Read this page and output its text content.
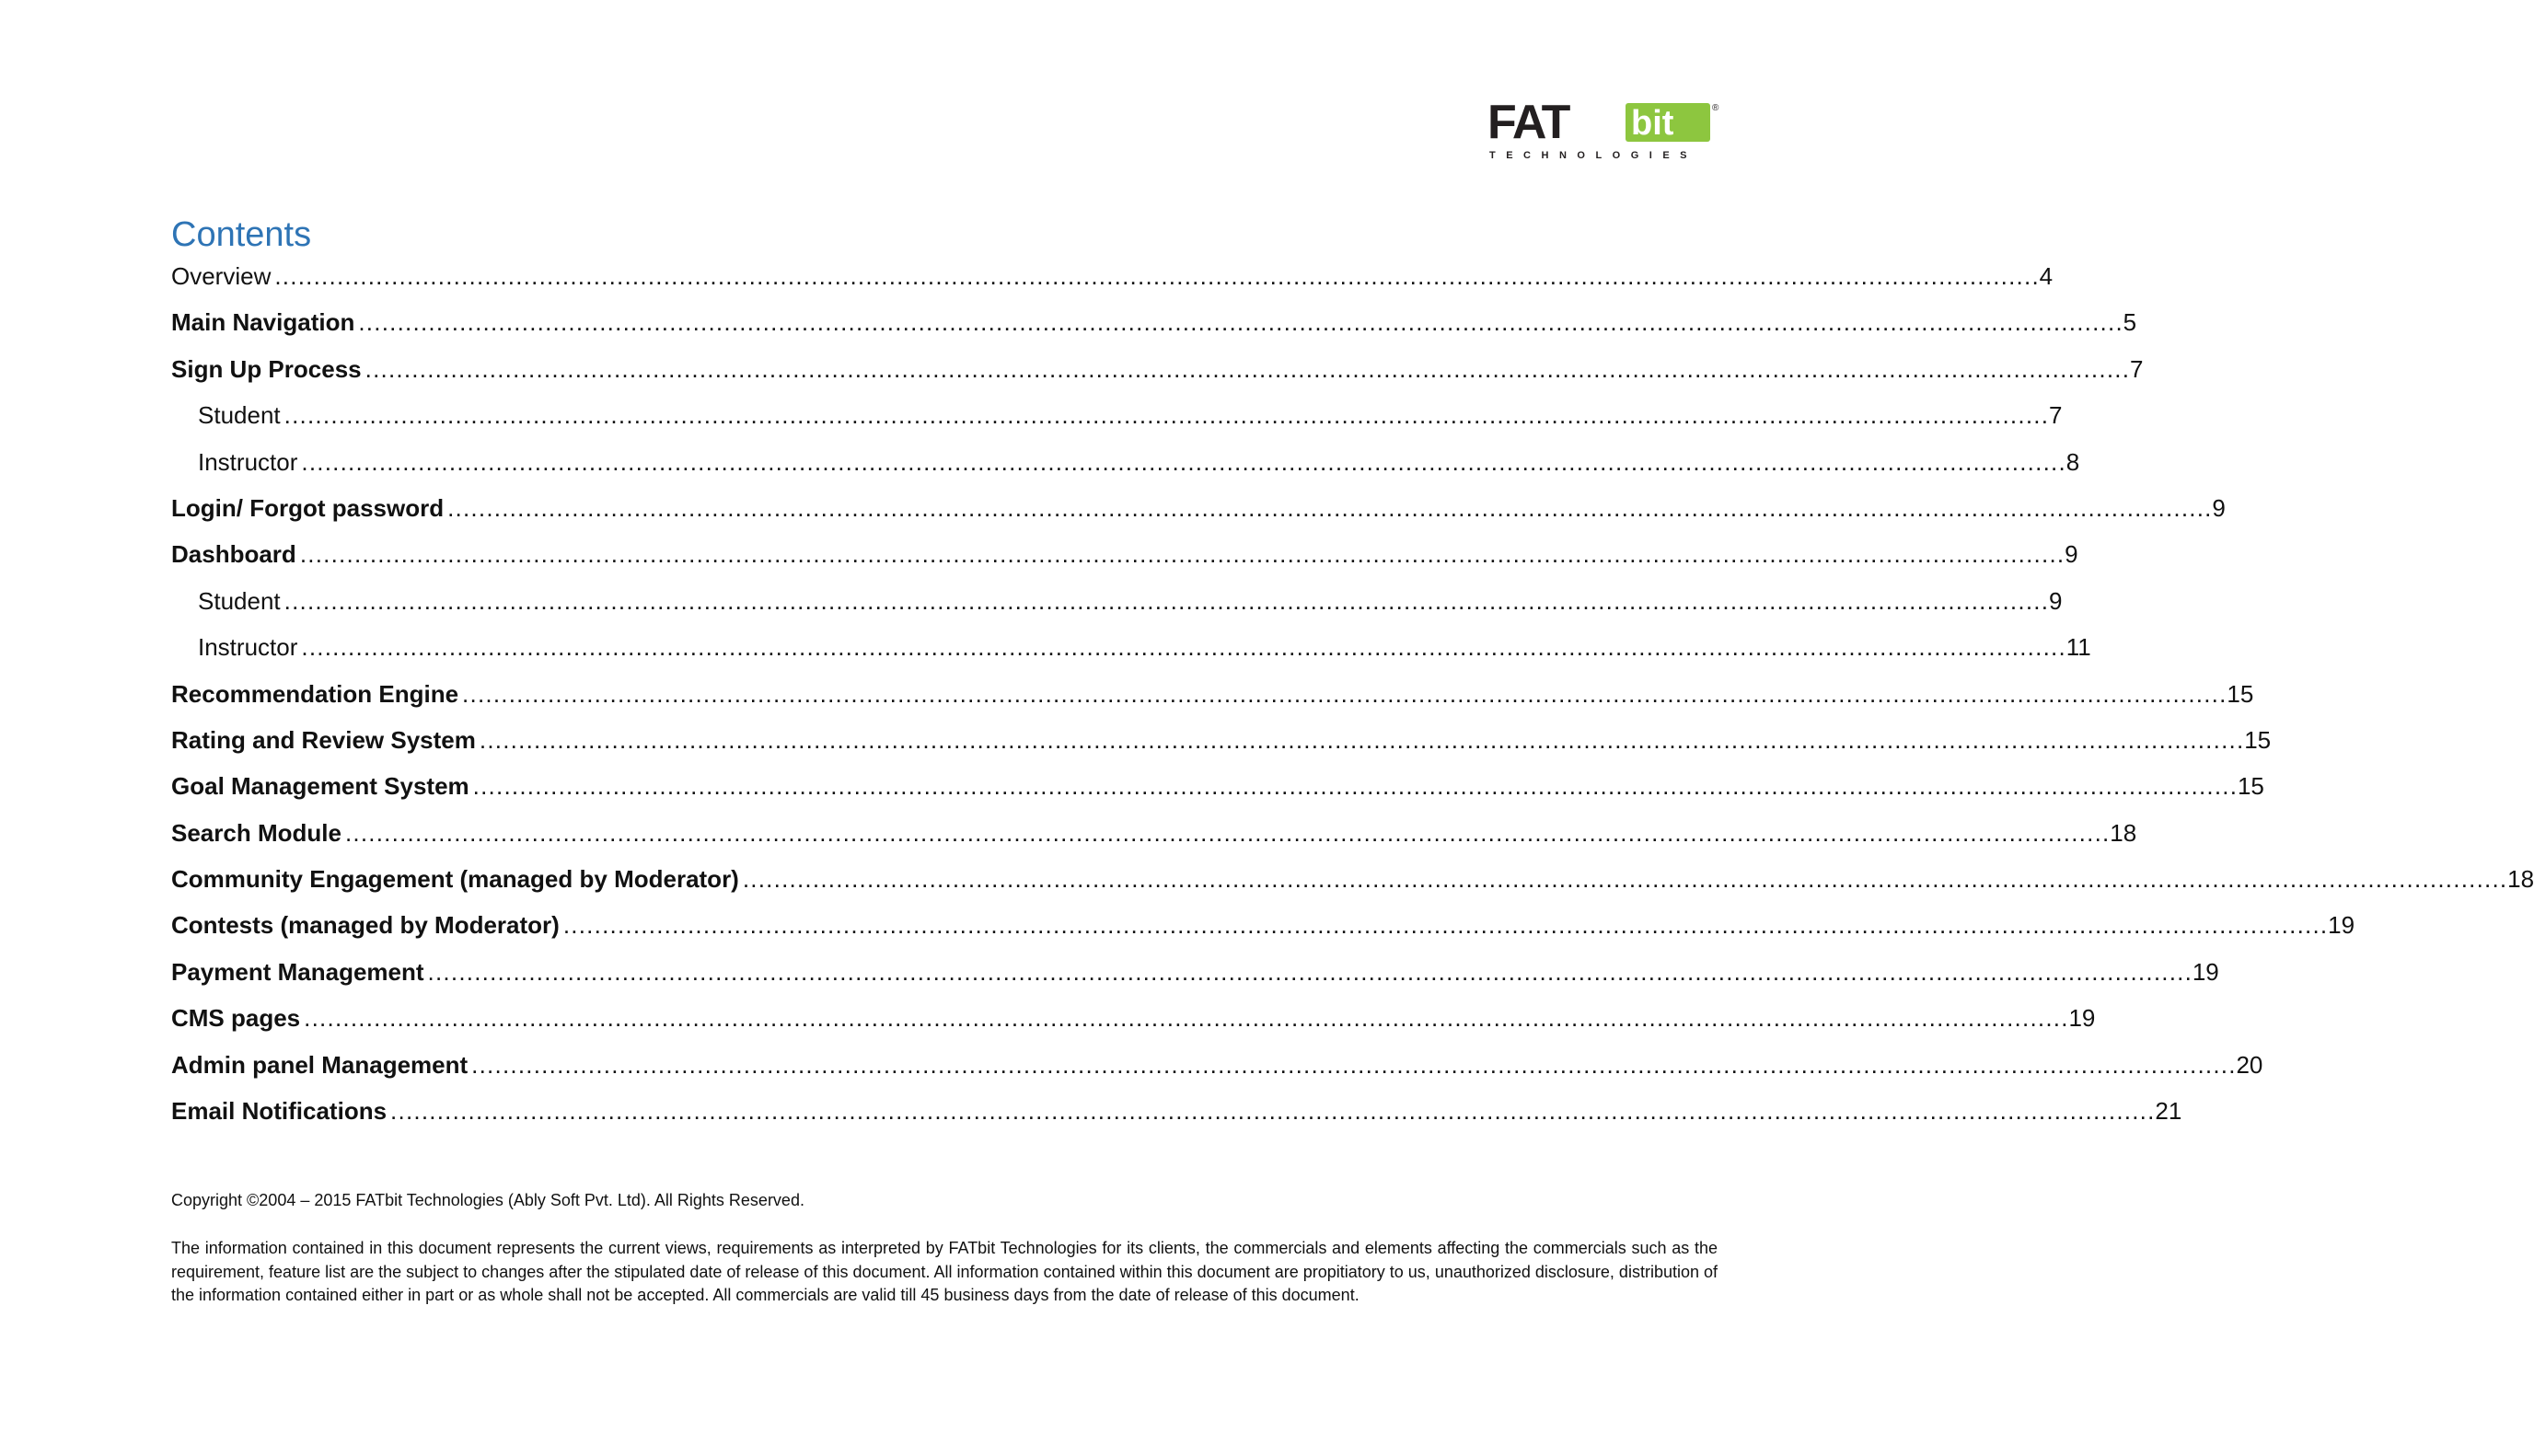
FAT bit	®
TECHNOLOGIES
Contents
Overview . . .	4
Main Navigation . . .	5
Sign Up Process . . .	7
Student . . .	7
Instructor . . .	8
Login/ Forgot password . . .	9
Dashboard . . .	9
Student . . .	9
Instructor . . .	11
Recommendation Engine . . .	15
Rating and Review System . . .	15
Goal Management System . . .	15
Search Module . . .	18
Community Engagement (managed by Moderator) . . .	18
Contests (managed by Moderator) . . .	19
Payment Management . . .	19
CMS pages . . .	19
Admin panel Management . . .	20
Email Notifications . . .	21

Copyright ©2004 – 2015 FATbit Technologies (Ably Soft Pvt. Ltd). All Rights Reserved.

The information contained in this document represents the current views, requirements as interpreted by FATbit Technologies for its clients, the commercials and elements affecting the commercials such as the requirement, feature list are the subject to changes after the stipulated date of release of this document. All information contained within this document are propitiatory to us, unauthorized disclosure, distribution of the information contained either in part or as whole shall not be accepted. All commercials are valid till 45 business days from the date of release of this document.
